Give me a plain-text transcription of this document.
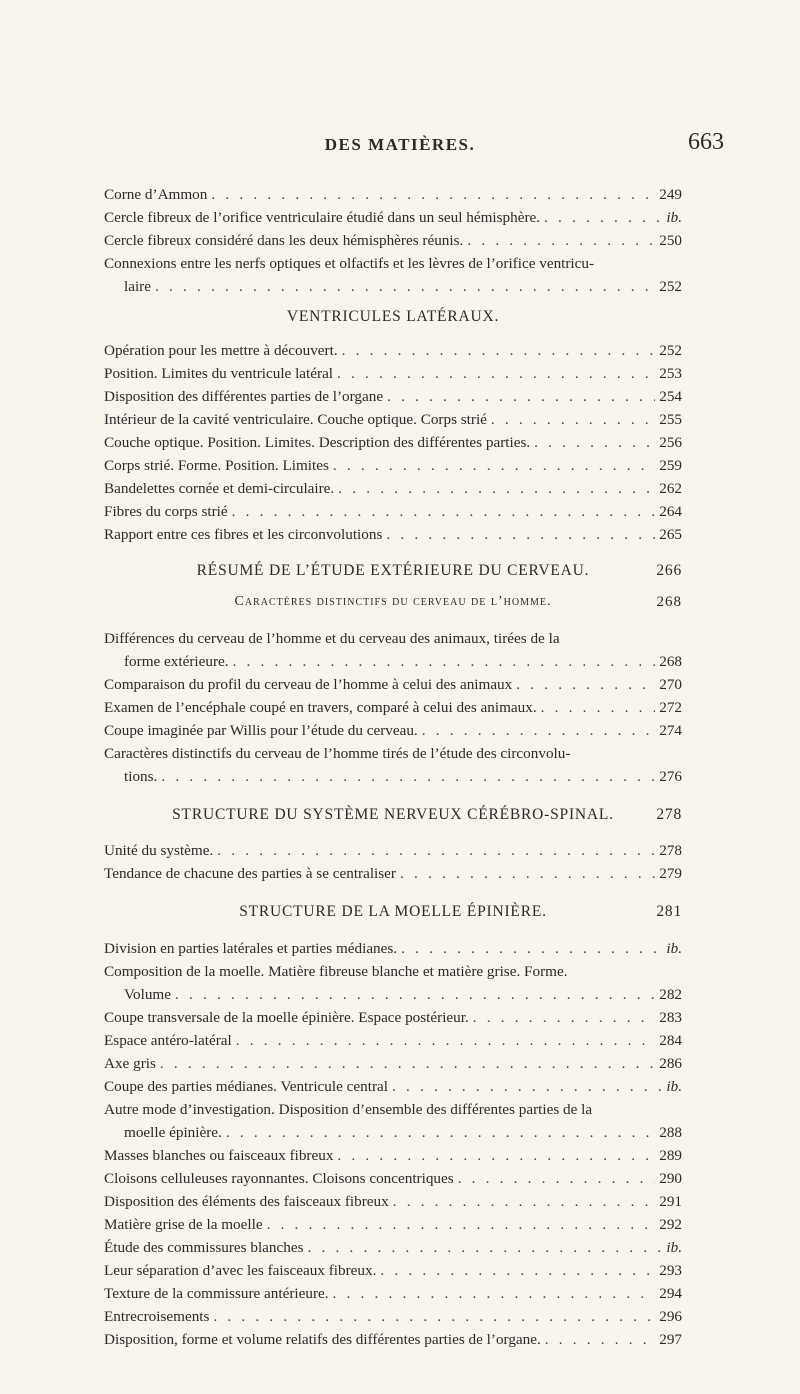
DES MATIÈRES.	663
Corne d’Ammon . . .	249
Cercle fibreux de l’orifice ventriculaire étudié dans un seul hémisphère. . . .	ib.
Cercle fibreux considéré dans les deux hémisphères réunis. . . .	250
Connexions entre les nerfs optiques et olfactifs et les lèvres de l’orifice ventricu-
laire . . .	252
VENTRICULES LATÉRAUX.
Opération pour les mettre à découvert. . . .	252
Position. Limites du ventricule latéral . . .	253
Disposition des différentes parties de l’organe . . .	254
Intérieur de la cavité ventriculaire. Couche optique. Corps strié . . .	255
Couche optique. Position. Limites. Description des différentes parties. . . .	256
Corps strié. Forme. Position. Limites . . .	259
Bandelettes cornée et demi-circulaire. . . .	262
Fibres du corps strié . . .	264
Rapport entre ces fibres et les circonvolutions . . .	265
RÉSUMÉ DE L’ÉTUDE EXTÉRIEURE DU CERVEAU.	266
Caractères distinctifs du cerveau de l’homme.	268
Différences du cerveau de l’homme et du cerveau des animaux, tirées de la
forme extérieure. . . .	268
Comparaison du profil du cerveau de l’homme à celui des animaux . . .	270
Examen de l’encéphale coupé en travers, comparé à celui des animaux. . . .	272
Coupe imaginée par Willis pour l’étude du cerveau. . . .	274
Caractères distinctifs du cerveau de l’homme tirés de l’étude des circonvolu-
tions. . . .	276
STRUCTURE DU SYSTÈME NERVEUX CÉRÉBRO-SPINAL.	278
Unité du système. . . .	278
Tendance de chacune des parties à se centraliser . . .	279
STRUCTURE DE LA MOELLE ÉPINIÈRE.	281
Division en parties latérales et parties médianes. . . .	ib.
Composition de la moelle. Matière fibreuse blanche et matière grise. Forme.
Volume . . .	282
Coupe transversale de la moelle épinière. Espace postérieur. . . .	283
Espace antéro-latéral . . .	284
Axe gris . . .	286
Coupe des parties médianes. Ventricule central . . .	ib.
Autre mode d’investigation. Disposition d’ensemble des différentes parties de la
moelle épinière. . . .	288
Masses blanches ou faisceaux fibreux . . .	289
Cloisons celluleuses rayonnantes. Cloisons concentriques . . .	290
Disposition des éléments des faisceaux fibreux . . .	291
Matière grise de la moelle . . .	292
Étude des commissures blanches . . .	ib.
Leur séparation d’avec les faisceaux fibreux. . . .	293
Texture de la commissure antérieure. . . .	294
Entrecroisements . . .	296
Disposition, forme et volume relatifs des différentes parties de l’organe. . . .	297
